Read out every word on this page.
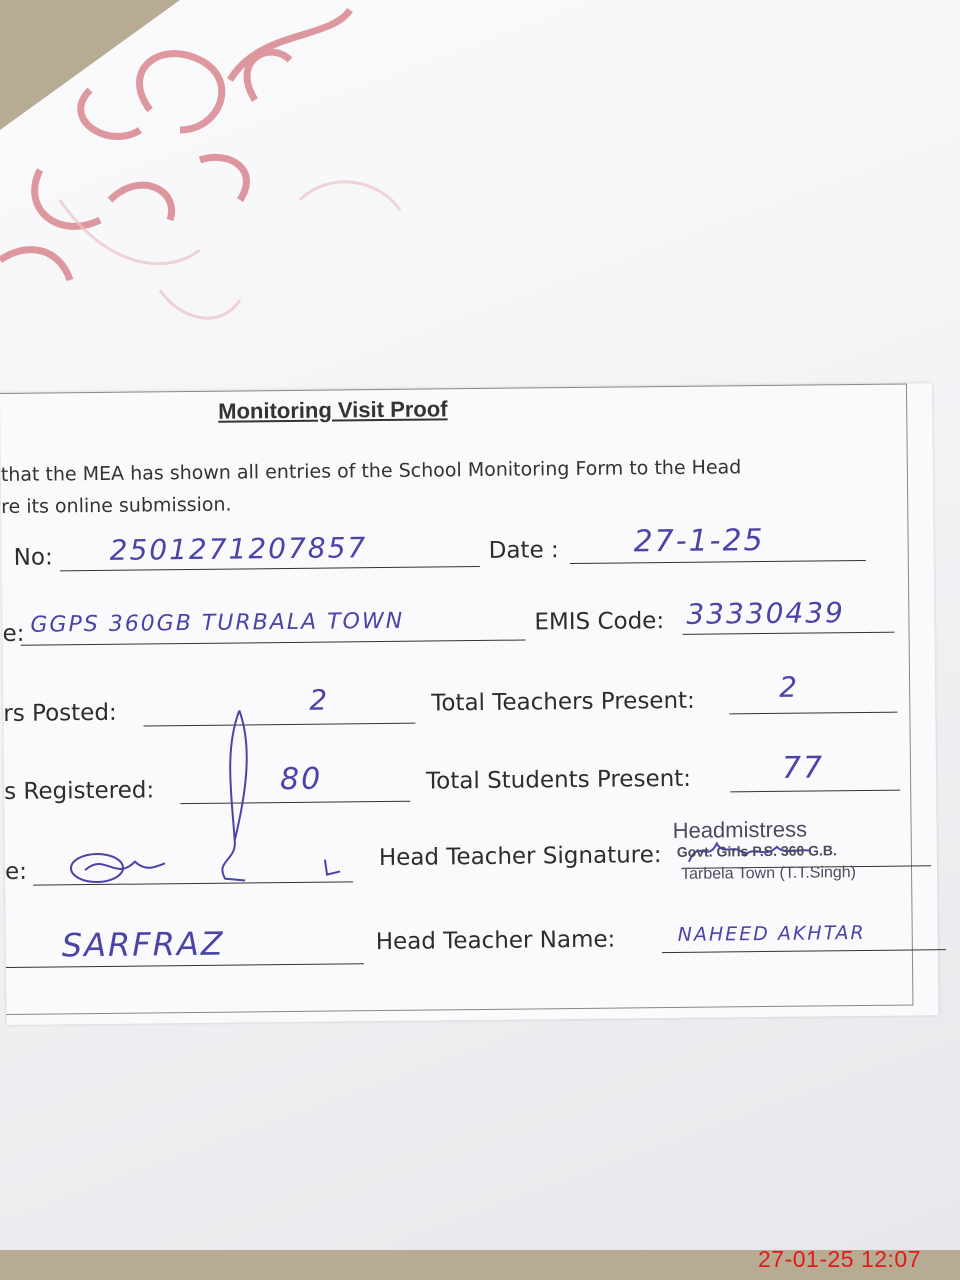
Monitoring Visit Proof
that the MEA has shown all entries of the School Monitoring Form to the Head
re its online submission.
No: 2501271207857	Date : 27-1-25
e: GGPS 360GB TURBALA TOWN	EMIS Code: 33330439
rs Posted:	2	Total Teachers Present:	2
s Registered:	80	Total Students Present:	77
e:
Head Teacher Signature:
Headmistress
Govt. Girls P.S. 360 G.B.
Tarbela Town (T.T.Singh)
SARFRAZ	Head Teacher Name:	NAHEED AKHTAR
27-01-25 12:07
